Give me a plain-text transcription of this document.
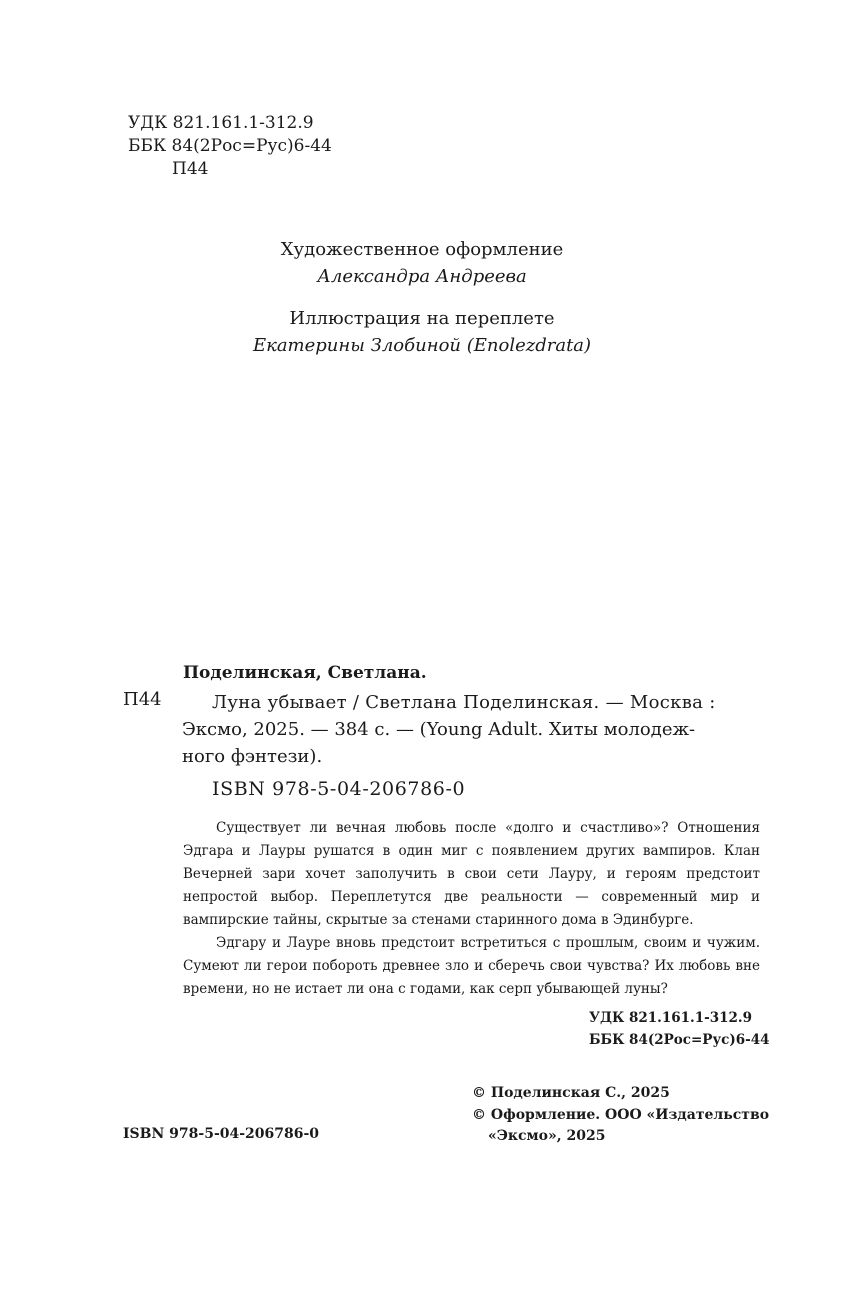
УДК 821.161.1-312.9
ББК 84(2Рос=Рус)6-44
П44
Художественное оформление
Александра Андреева
Иллюстрация на переплете
Екатерины Злобиной (Enolezdrata)
Поделинская, Светлана.
П44	Луна убывает / Светлана Поделинская. — Москва :
Эксмо, 2025. — 384 с. — (Young Adult. Хиты молодеж-
ного фэнтези).
ISBN 978-5-04-206786-0

Существует ли вечная любовь после «долго и счастливо»? Отношения Эдгара и Лауры рушатся в один миг с появлением других вампиров. Клан Вечерней зари хочет заполучить в свои сети Лауру, и героям предстоит непростой выбор. Переплетутся две реальности — современный мир и вампирские тайны, скрытые за стенами старинного дома в Эдинбурге.

Эдгару и Лауре вновь предстоит встретиться с прошлым, своим и чужим. Сумеют ли герои побороть древнее зло и сберечь свои чувства? Их любовь вне времени, но не истает ли она с годами, как серп убывающей луны?

УДК 821.161.1-312.9
ББК 84(2Рос=Рус)6-44
© Поделинская С., 2025
© Оформление. ООО «Издательство
«Эксмо», 2025
ISBN 978-5-04-206786-0
